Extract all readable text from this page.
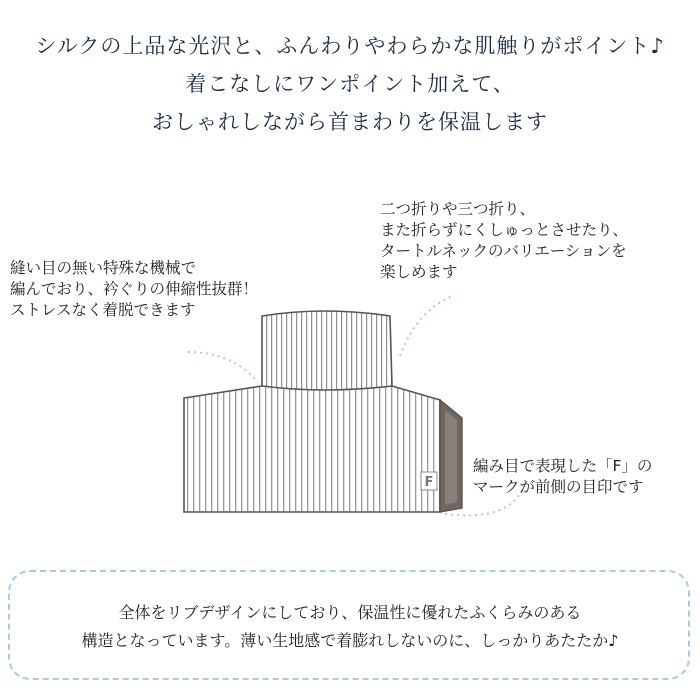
シルクの上品な光沢と、ふんわりやわらかな肌触りがポイント♪
着こなしにワンポイント加えて、
おしゃれしながら首まわりを保温します
F
縫い目の無い特殊な機械で
編んでおり、衿ぐりの伸縮性抜群！
ストレスなく着脱できます
二つ折りや三つ折り、
また折らずにくしゅっとさせたり、
タートルネックのバリエーションを
楽しめます
編み目で表現した「F」の
マークが前側の目印です
全体をリブデザインにしており、保温性に優れたふくらみのある
構造となっています。薄い生地感で着膨れしないのに、しっかりあたたか♪
